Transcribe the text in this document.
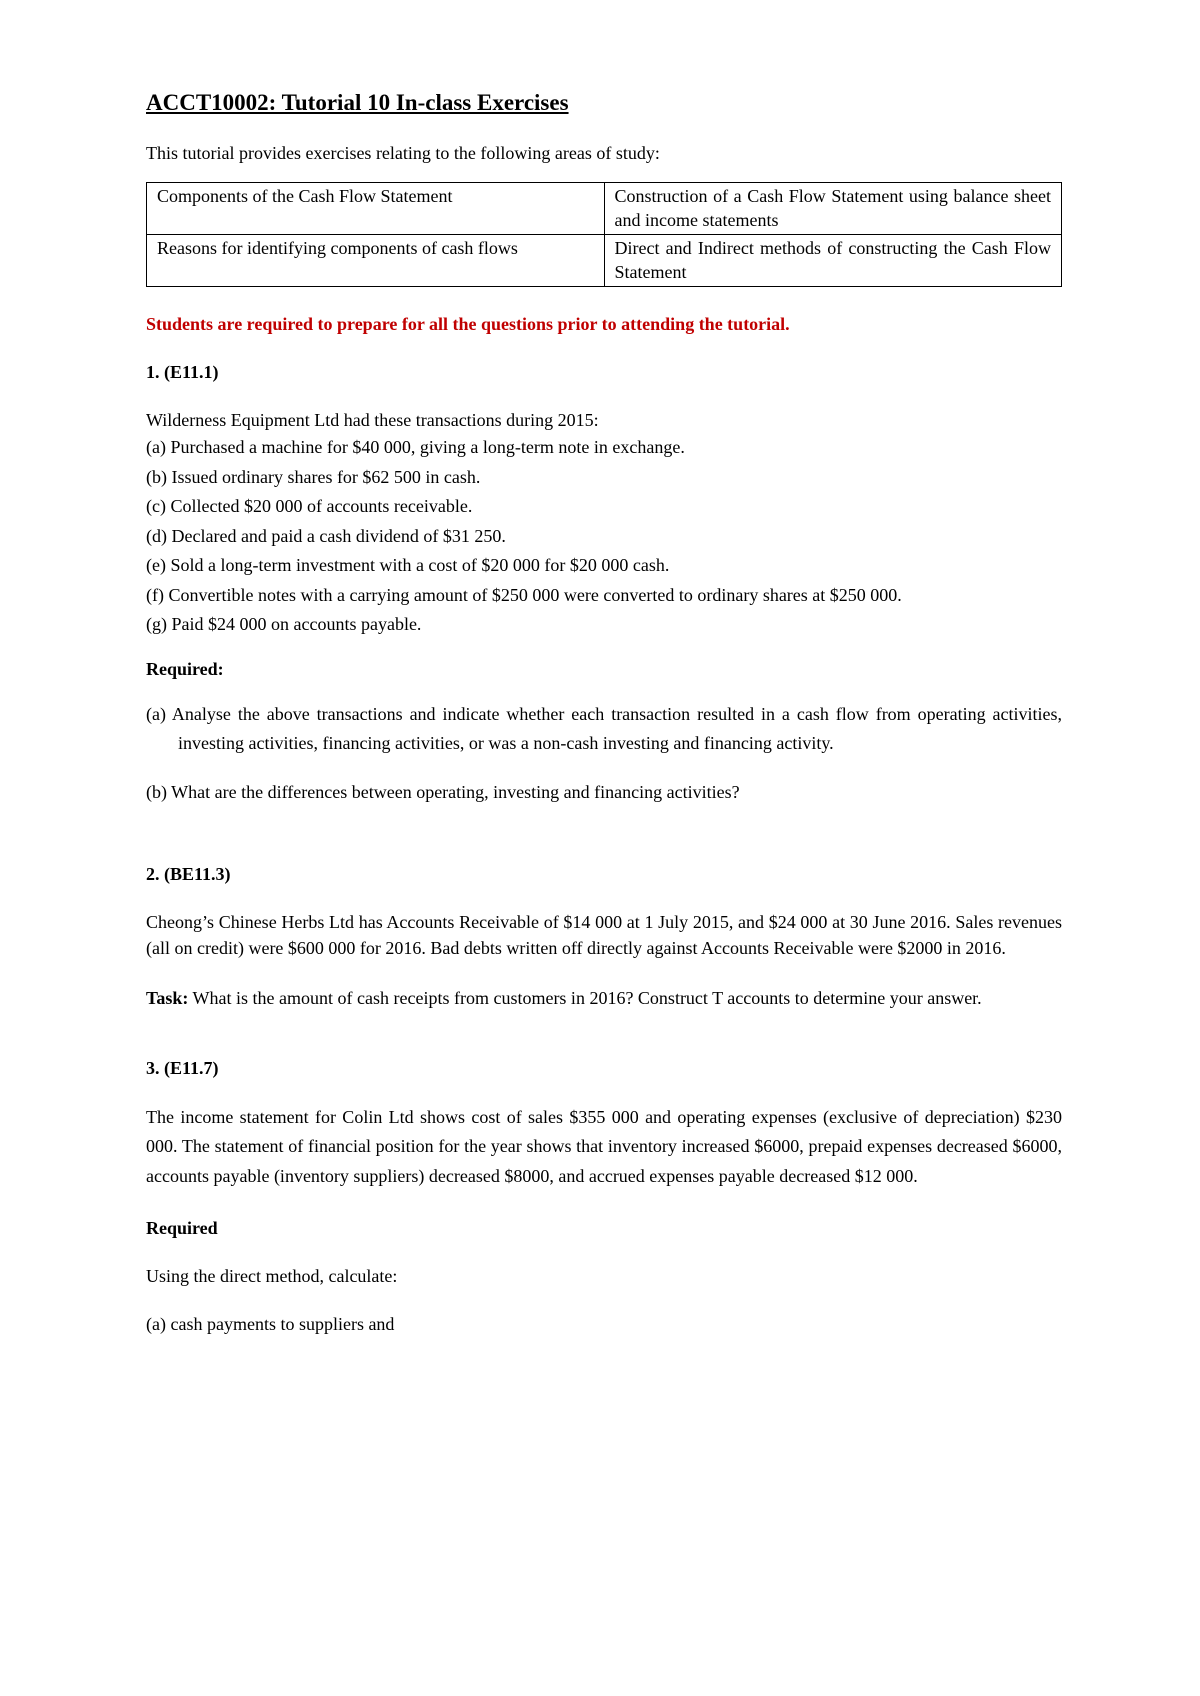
ACCT10002: Tutorial 10 In-class Exercises

This tutorial provides exercises relating to the following areas of study:

Components of the Cash Flow Statement	Construction of a Cash Flow Statement using balance sheet and income statements
Reasons for identifying components of cash flows	Direct and Indirect methods of constructing the Cash Flow Statement

Students are required to prepare for all the questions prior to attending the tutorial.

1. (E11.1)

Wilderness Equipment Ltd had these transactions during 2015:

(a) Purchased a machine for $40 000, giving a long-term note in exchange.
(b) Issued ordinary shares for $62 500 in cash.
(c) Collected $20 000 of accounts receivable.
(d) Declared and paid a cash dividend of $31 250.
(e) Sold a long-term investment with a cost of $20 000 for $20 000 cash.
(f) Convertible notes with a carrying amount of $250 000 were converted to ordinary shares at $250 000.
(g) Paid $24 000 on accounts payable.

Required:

(a) Analyse the above transactions and indicate whether each transaction resulted in a cash flow from operating activities, investing activities, financing activities, or was a non-cash investing and financing activity.

(b) What are the differences between operating, investing and financing activities?

2. (BE11.3)

Cheong’s Chinese Herbs Ltd has Accounts Receivable of $14 000 at 1 July 2015, and $24 000 at 30 June 2016. Sales revenues (all on credit) were $600 000 for 2016. Bad debts written off directly against Accounts Receivable were $2000 in 2016.

Task: What is the amount of cash receipts from customers in 2016? Construct T accounts to determine your answer.

3. (E11.7)

The income statement for Colin Ltd shows cost of sales $355 000 and operating expenses (exclusive of depreciation) $230 000. The statement of financial position for the year shows that inventory increased $6000, prepaid expenses decreased $6000, accounts payable (inventory suppliers) decreased $8000, and accrued expenses payable decreased $12 000.

Required

Using the direct method, calculate:

(a) cash payments to suppliers and
